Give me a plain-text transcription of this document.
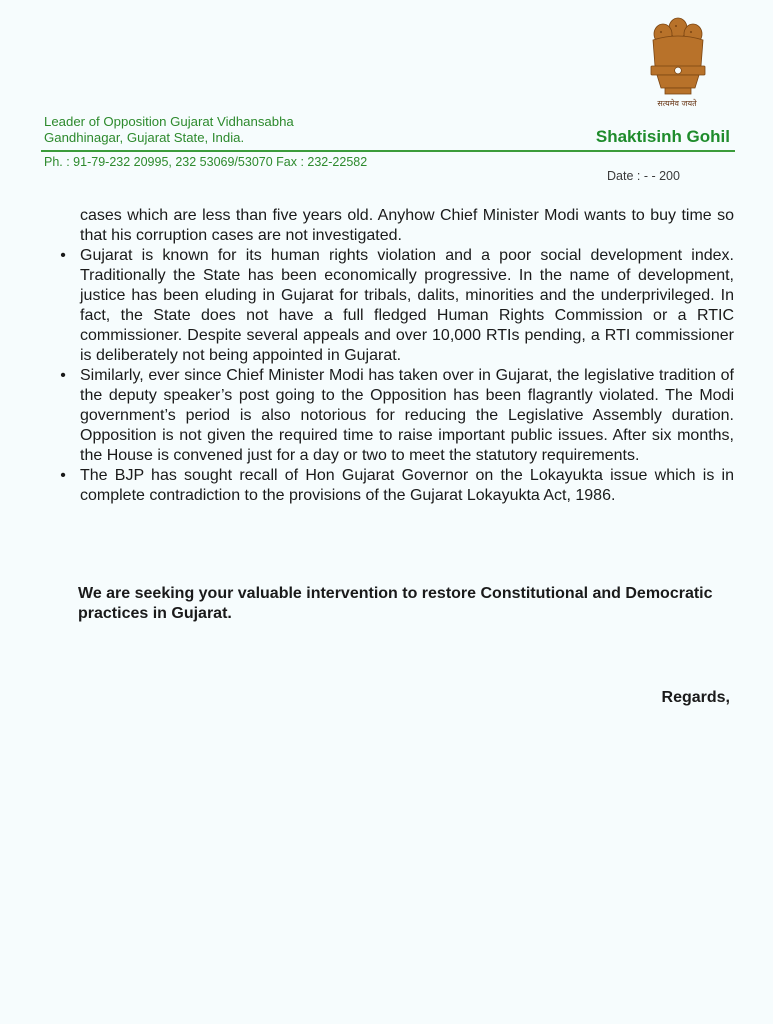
सत्यमेव जयते
Leader of Opposition Gujarat Vidhansabha
Gandhinagar, Gujarat State, India.	Shaktisinh Gohil
Ph. : 91-79-232 20995, 232 53069/53070 Fax : 232-22582
Date : - - 200

cases which are less than five years old. Anyhow Chief Minister Modi wants to buy time so that his corruption cases are not investigated.

• Gujarat is known for its human rights violation and a poor social development index. Traditionally the State has been economically progressive. In the name of development, justice has been eluding in Gujarat for tribals, dalits, minorities and the underprivileged. In fact, the State does not have a full fledged Human Rights Commission or a RTIC commissioner. Despite several appeals and over 10,000 RTIs pending, a RTI commissioner is deliberately not being appointed in Gujarat.
• Similarly, ever since Chief Minister Modi has taken over in Gujarat, the legislative tradition of the deputy speaker’s post going to the Opposition has been flagrantly violated. The Modi government’s period is also notorious for reducing the Legislative Assembly duration. Opposition is not given the required time to raise important public issues. After six months, the House is convened just for a day or two to meet the statutory requirements.
• The BJP has sought recall of Hon Gujarat Governor on the Lokayukta issue which is in complete contradiction to the provisions of the Gujarat Lokayukta Act, 1986.
We are seeking your valuable intervention to restore Constitutional and Democratic practices in Gujarat.
Regards,
